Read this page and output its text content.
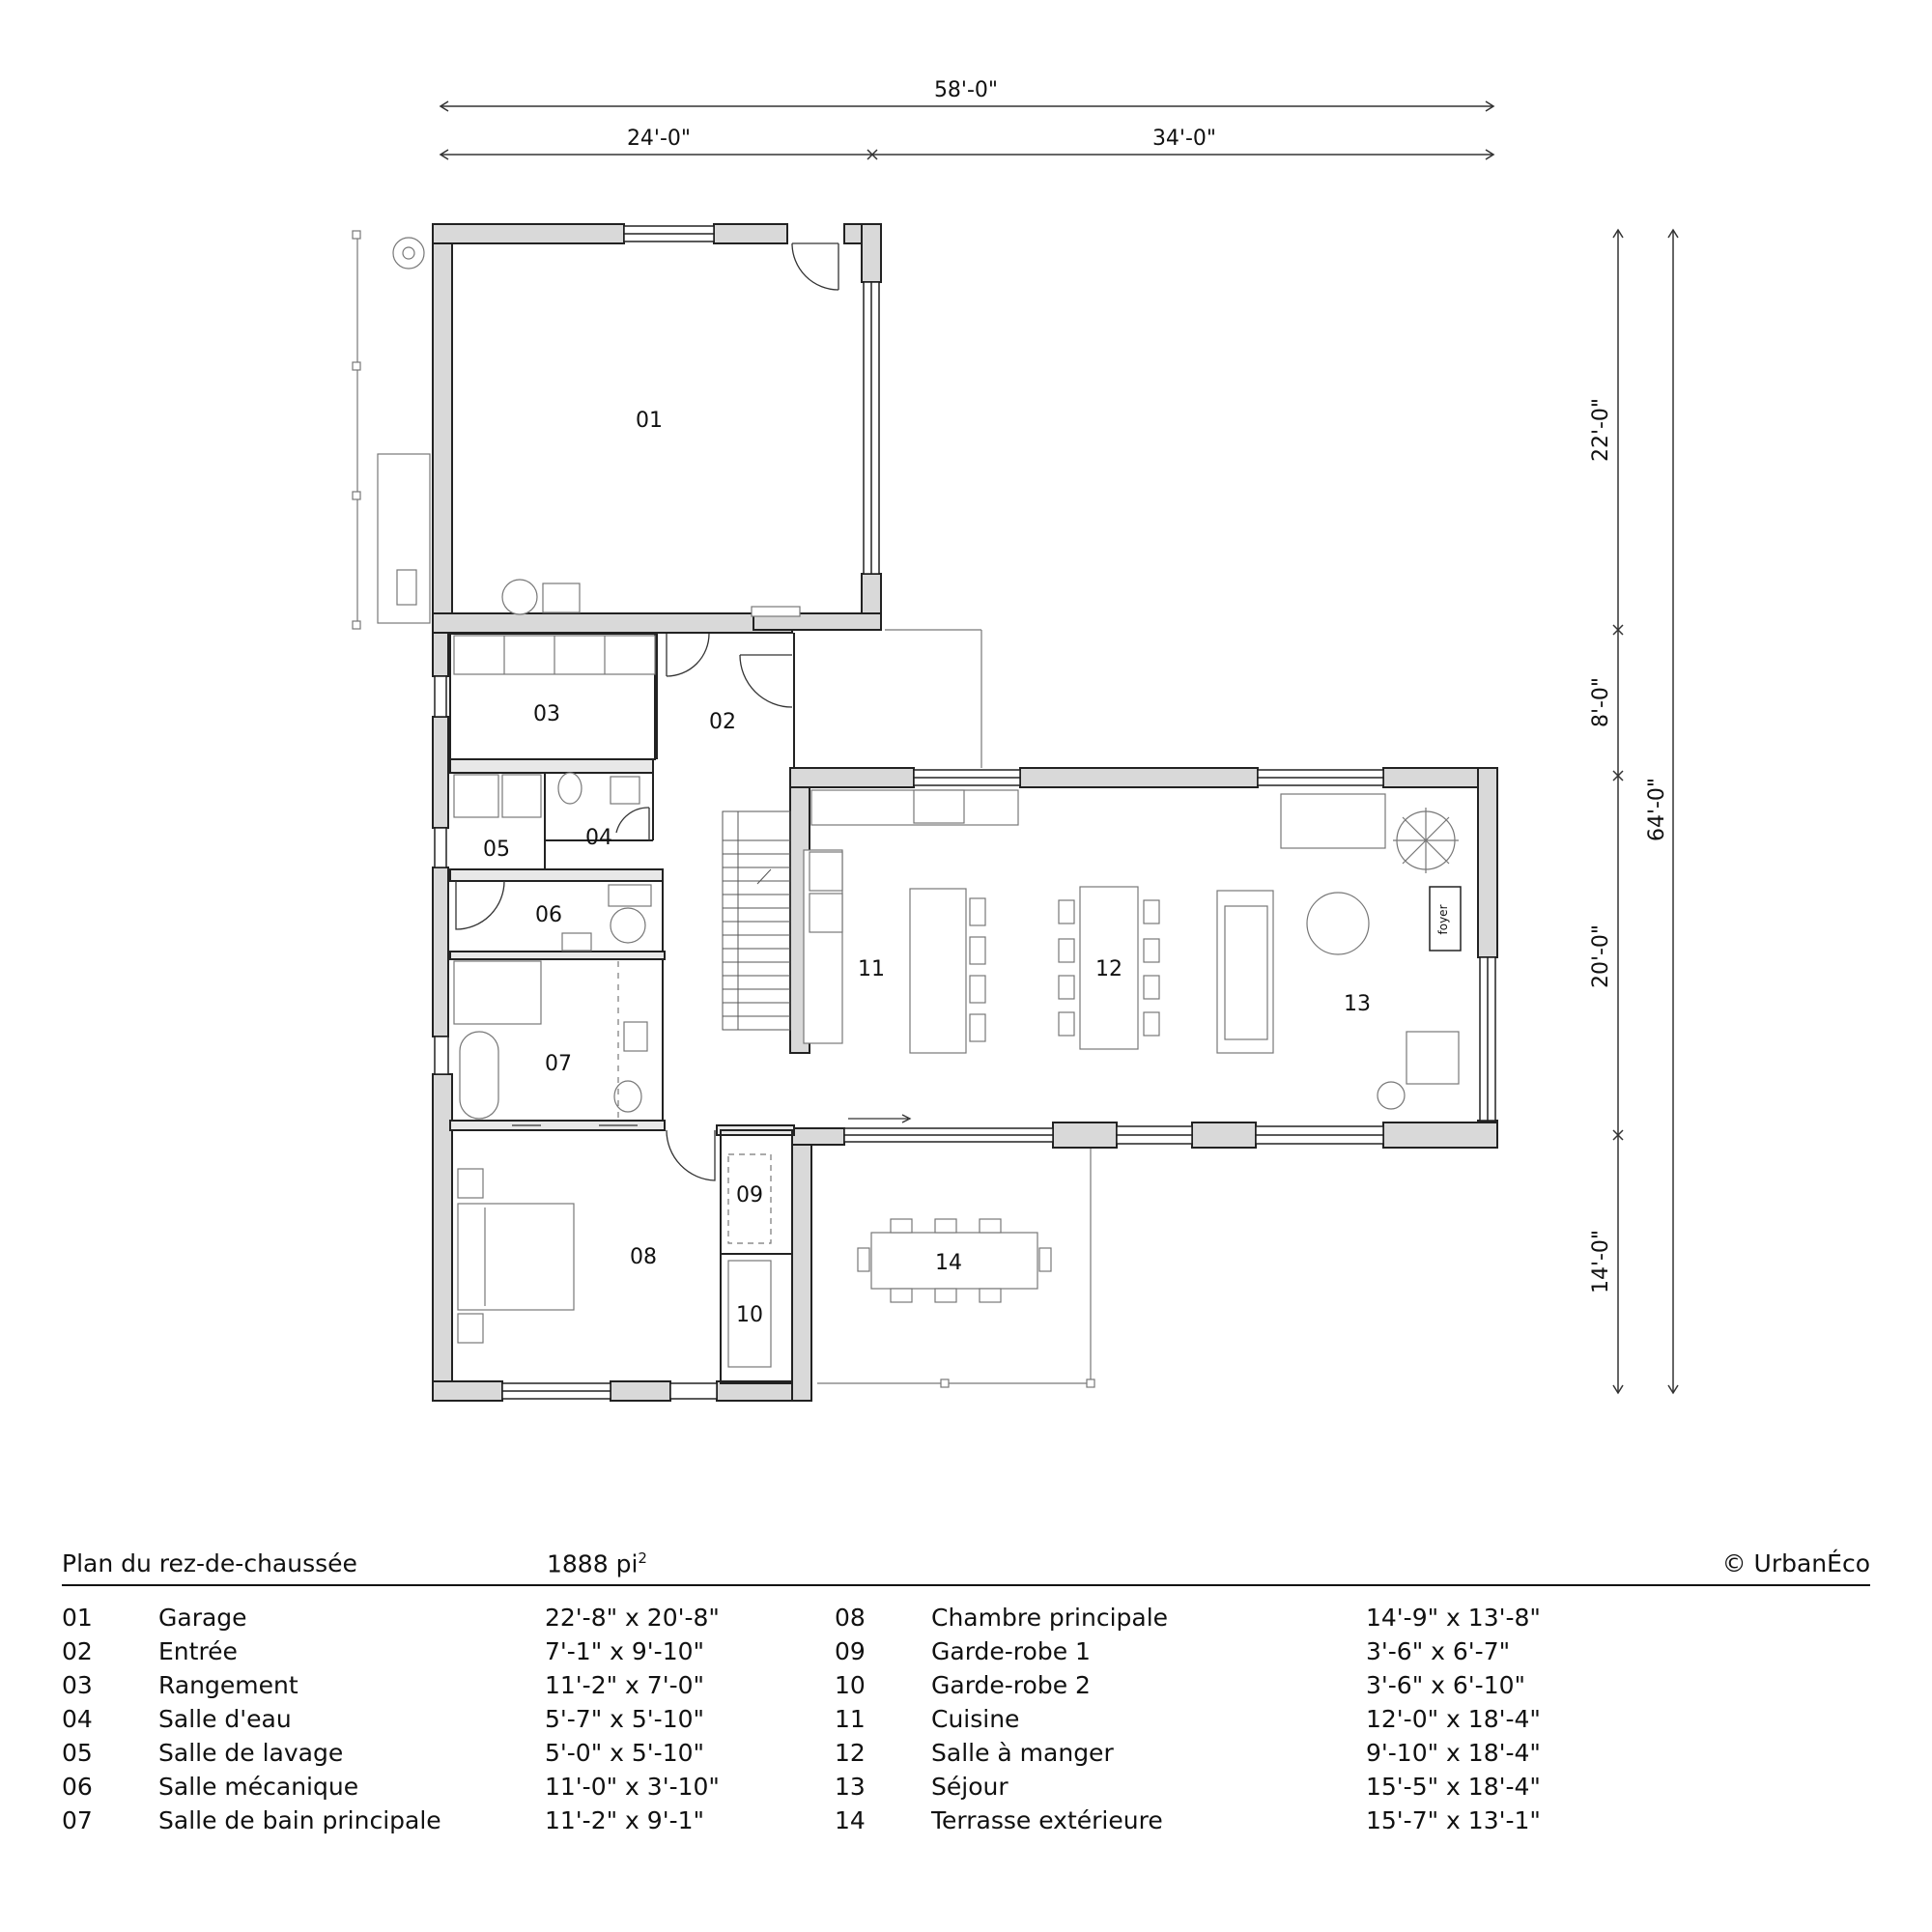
58'-0"
24'-0"	34'-0"
22'-0"
8'-0"
20'-0"
14'-0"
64'-0"
foyer
01
02
03
04
05
06
07
08
09
10
11	12
13
14
Plan du rez-de-chaussée	1888 $pi^2$	© UrbanÉco
01	Garage	22'-8" x 20'-8"	08	Chambre principale	14'-9" x 13'-8"
02	Entrée	7'-1" x 9'-10"	09	Garde-robe 1	3'-6" x 6'-7"
03	Rangement	11'-2" x 7'-0"	10	Garde-robe 2	3'-6" x 6'-10"
04	Salle d'eau	5'-7" x 5'-10"	11	Cuisine	12'-0" x 18'-4"
05	Salle de lavage	5'-0" x 5'-10"	12	Salle à manger	9'-10" x 18'-4"
06	Salle mécanique	11'-0" x 3'-10"	13	Séjour	15'-5" x 18'-4"
07	Salle de bain principale	11'-2" x 9'-1"	14	Terrasse extérieure	15'-7" x 13'-1"
